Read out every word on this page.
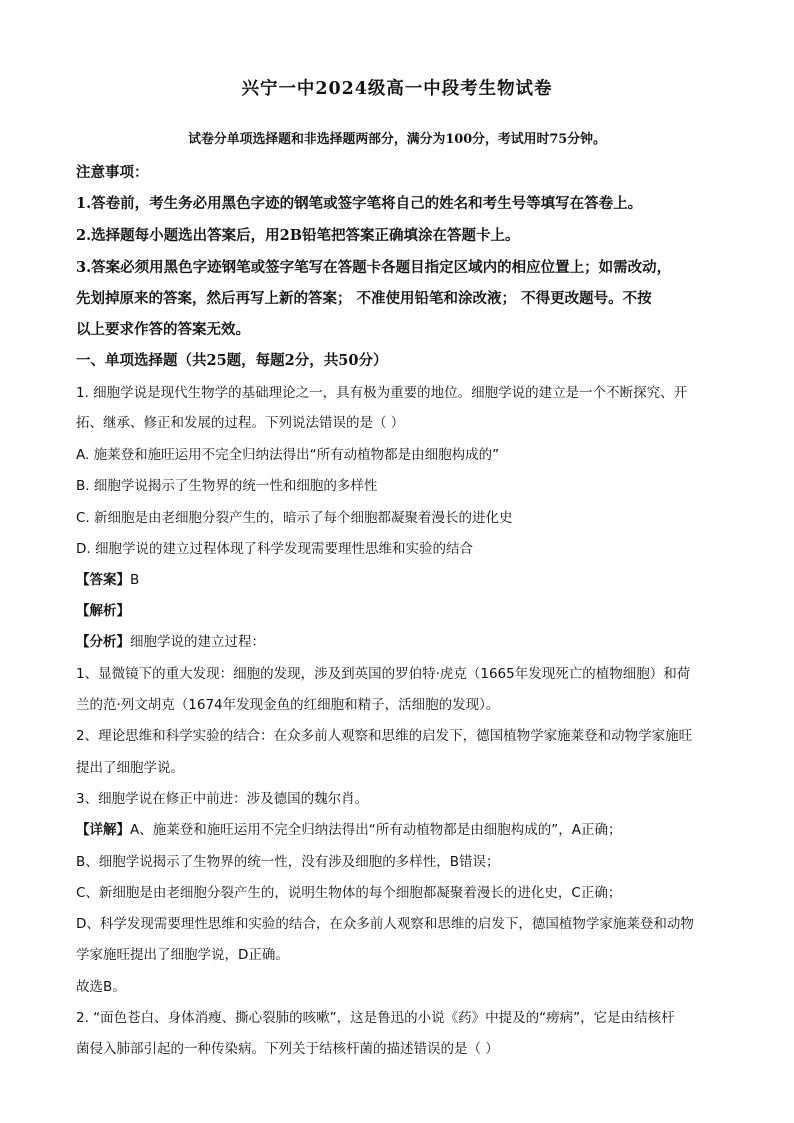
兴宁一中2024级高一中段考生物试卷
试卷分单项选择题和非选择题两部分，满分为100分，考试用时75分钟。
注意事项：
1.答卷前，考生务必用黑色字迹的钢笔或签字笔将自己的姓名和考生号等填写在答卷上。
2.选择题每小题选出答案后，用2B铅笔把答案正确填涂在答题卡上。
3.答案必须用黑色字迹钢笔或签字笔写在答题卡各题目指定区域内的相应位置上；如需改动，
先划掉原来的答案，然后再写上新的答案； 不准使用铅笔和涂改液； 不得更改题号。不按
以上要求作答的答案无效。
一、单项选择题（共25题，每题2分，共50分）
1. 细胞学说是现代生物学的基础理论之一，具有极为重要的地位。细胞学说的建立是一个不断探究、开
拓、继承、修正和发展的过程。下列说法错误的是（ ）
A. 施莱登和施旺运用不完全归纳法得出“所有动植物都是由细胞构成的”
B. 细胞学说揭示了生物界的统一性和细胞的多样性
C. 新细胞是由老细胞分裂产生的，暗示了每个细胞都凝聚着漫长的进化史
D. 细胞学说的建立过程体现了科学发现需要理性思维和实验的结合
【答案】B
【解析】
【分析】细胞学说的建立过程：
1、显微镜下的重大发现：细胞的发现，涉及到英国的罗伯特·虎克（1665年发现死亡的植物细胞）和荷
兰的范·列文胡克（1674年发现金鱼的红细胞和精子，活细胞的发现）。
2、理论思维和科学实验的结合：在众多前人观察和思维的启发下，德国植物学家施莱登和动物学家施旺
提出了细胞学说。
3、细胞学说在修正中前进：涉及德国的魏尔肖。
【详解】A、施莱登和施旺运用不完全归纳法得出“所有动植物都是由细胞构成的”，A正确；
B、细胞学说揭示了生物界的统一性，没有涉及细胞的多样性，B错误；
C、新细胞是由老细胞分裂产生的，说明生物体的每个细胞都凝聚着漫长的进化史，C正确；
D、科学发现需要理性思维和实验的结合，在众多前人观察和思维的启发下，德国植物学家施莱登和动物
学家施旺提出了细胞学说，D正确。
故选B。
2. “面色苍白、身体消瘦、撕心裂肺的咳嗽”，这是鲁迅的小说《药》中提及的“痨病”，它是由结核杆
菌侵入肺部引起的一种传染病。下列关于结核杆菌的描述错误的是（ ）
